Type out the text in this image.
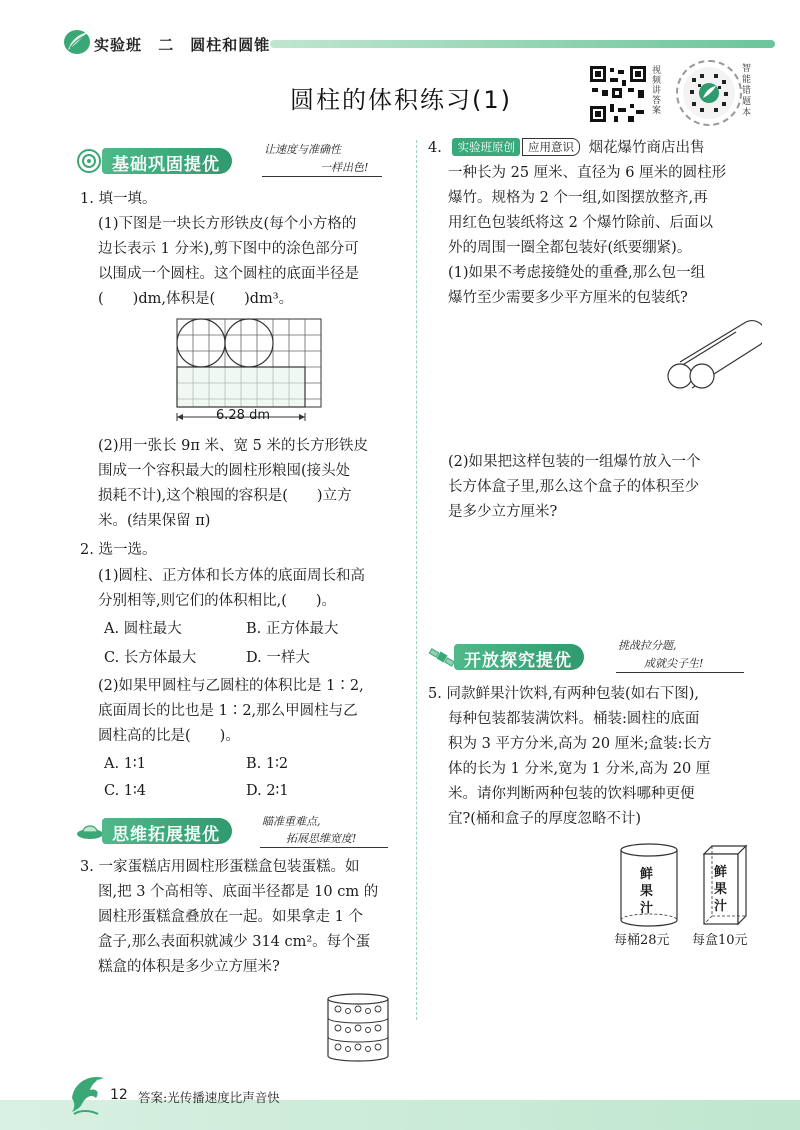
实验班 二　圆柱和圆锥
圆柱的体积练习(1)
视频讲答案
智能错题本
基础巩固提优
让速度与准确性
一样出色!
1. 填一填。
(1)下图是一块长方形铁皮(每个小方格的
边长表示 1 分米),剪下图中的涂色部分可
以围成一个圆柱。这个圆柱的底面半径是
(　　)dm,体积是(　　)dm³。
6.28 dm
(2)用一张长 9π 米、宽 5 米的长方形铁皮
围成一个容积最大的圆柱形粮囤(接头处
损耗不计),这个粮囤的容积是(　　)立方
米。(结果保留 π)
2. 选一选。
(1)圆柱、正方体和长方体的底面周长和高
分别相等,则它们的体积相比,(　　)。
A. 圆柱最大	B. 正方体最大
C. 长方体最大	D. 一样大
(2)如果甲圆柱与乙圆柱的体积比是 1∶2,
底面周长的比也是 1∶2,那么甲圆柱与乙
圆柱高的比是(　　)。
A. 1∶1	B. 1∶2
C. 1∶4	D. 2∶1
思维拓展提优
瞄准重难点,
拓展思维宽度!
3. 一家蛋糕店用圆柱形蛋糕盒包装蛋糕。如
图,把 3 个高相等、底面半径都是 10 cm 的
圆柱形蛋糕盒叠放在一起。如果拿走 1 个
盒子,那么表面积就减少 314 cm²。每个蛋
糕盒的体积是多少立方厘米?
4. 实验班原创 应用意识 烟花爆竹商店出售
一种长为 25 厘米、直径为 6 厘米的圆柱形
爆竹。规格为 2 个一组,如图摆放整齐,再
用红色包装纸将这 2 个爆竹除前、后面以
外的周围一圈全都包装好(纸要绷紧)。
(1)如果不考虑接缝处的重叠,那么包一组
爆竹至少需要多少平方厘米的包装纸?
(2)如果把这样包装的一组爆竹放入一个
长方体盒子里,那么这个盒子的体积至少
是多少立方厘米?
开放探究提优
挑战拉分题,
成就尖子生!
5. 同款鲜果汁饮料,有两种包装(如右下图),
每种包装都装满饮料。桶装:圆柱的底面
积为 3 平方分米,高为 20 厘米;盒装:长方
体的长为 1 分米,宽为 1 分米,高为 20 厘
米。请你判断两种包装的饮料哪种更便
宜?(桶和盒子的厚度忽略不计)
鲜果汁
鲜果汁
每桶28元 每盒10元
12 答案:光传播速度比声音快
